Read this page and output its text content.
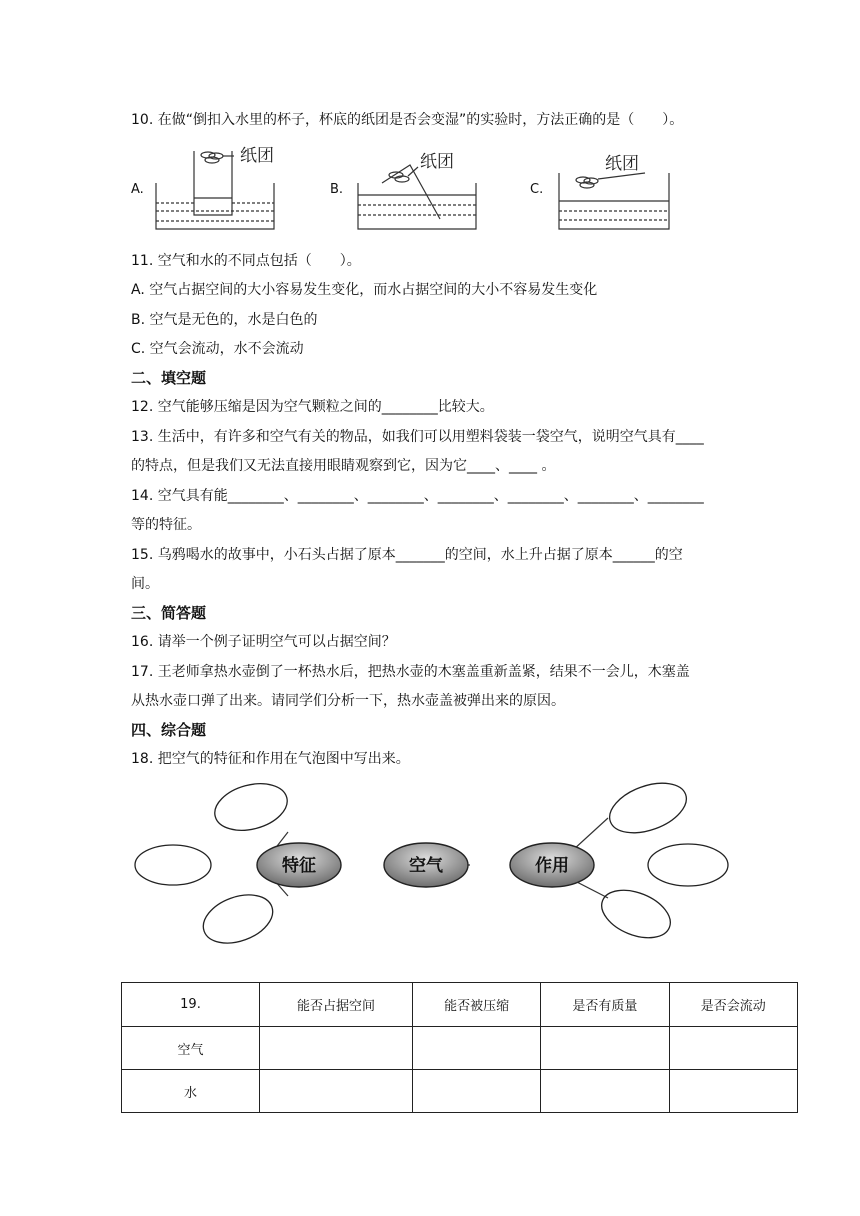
10. 在做“倒扣入水里的杯子，杯底的纸团是否会变湿”的实验时，方法正确的是（　　）。
A.
纸团
B.
纸团
C.
纸团
11. 空气和水的不同点包括（　　）。
A. 空气占据空间的大小容易发生变化，而水占据空间的大小不容易发生变化
B. 空气是无色的，水是白色的
C. 空气会流动，水不会流动
二、填空题
12. 空气能够压缩是因为空气颗粒之间的________比较大。
13. 生活中，有许多和空气有关的物品，如我们可以用塑料袋装一袋空气，说明空气具有____
的特点，但是我们又无法直接用眼睛观察到它，因为它____、____ 。
14. 空气具有能________、________、________、________、________、________、________
等的特征。
15. 乌鸦喝水的故事中，小石头占据了原本_______的空间，水上升占据了原本______的空
间。
三、简答题
16. 请举一个例子证明空气可以占据空间？
17. 王老师拿热水壶倒了一杯热水后，把热水壶的木塞盖重新盖紧，结果不一会儿，木塞盖
从热水壶口弹了出来。请同学们分析一下，热水壶盖被弹出来的原因。
四、综合题
18. 把空气的特征和作用在气泡图中写出来。
特征	空气	作用
19.	能否占据空间	能否被压缩	是否有质量	是否会流动
空气				
水				
